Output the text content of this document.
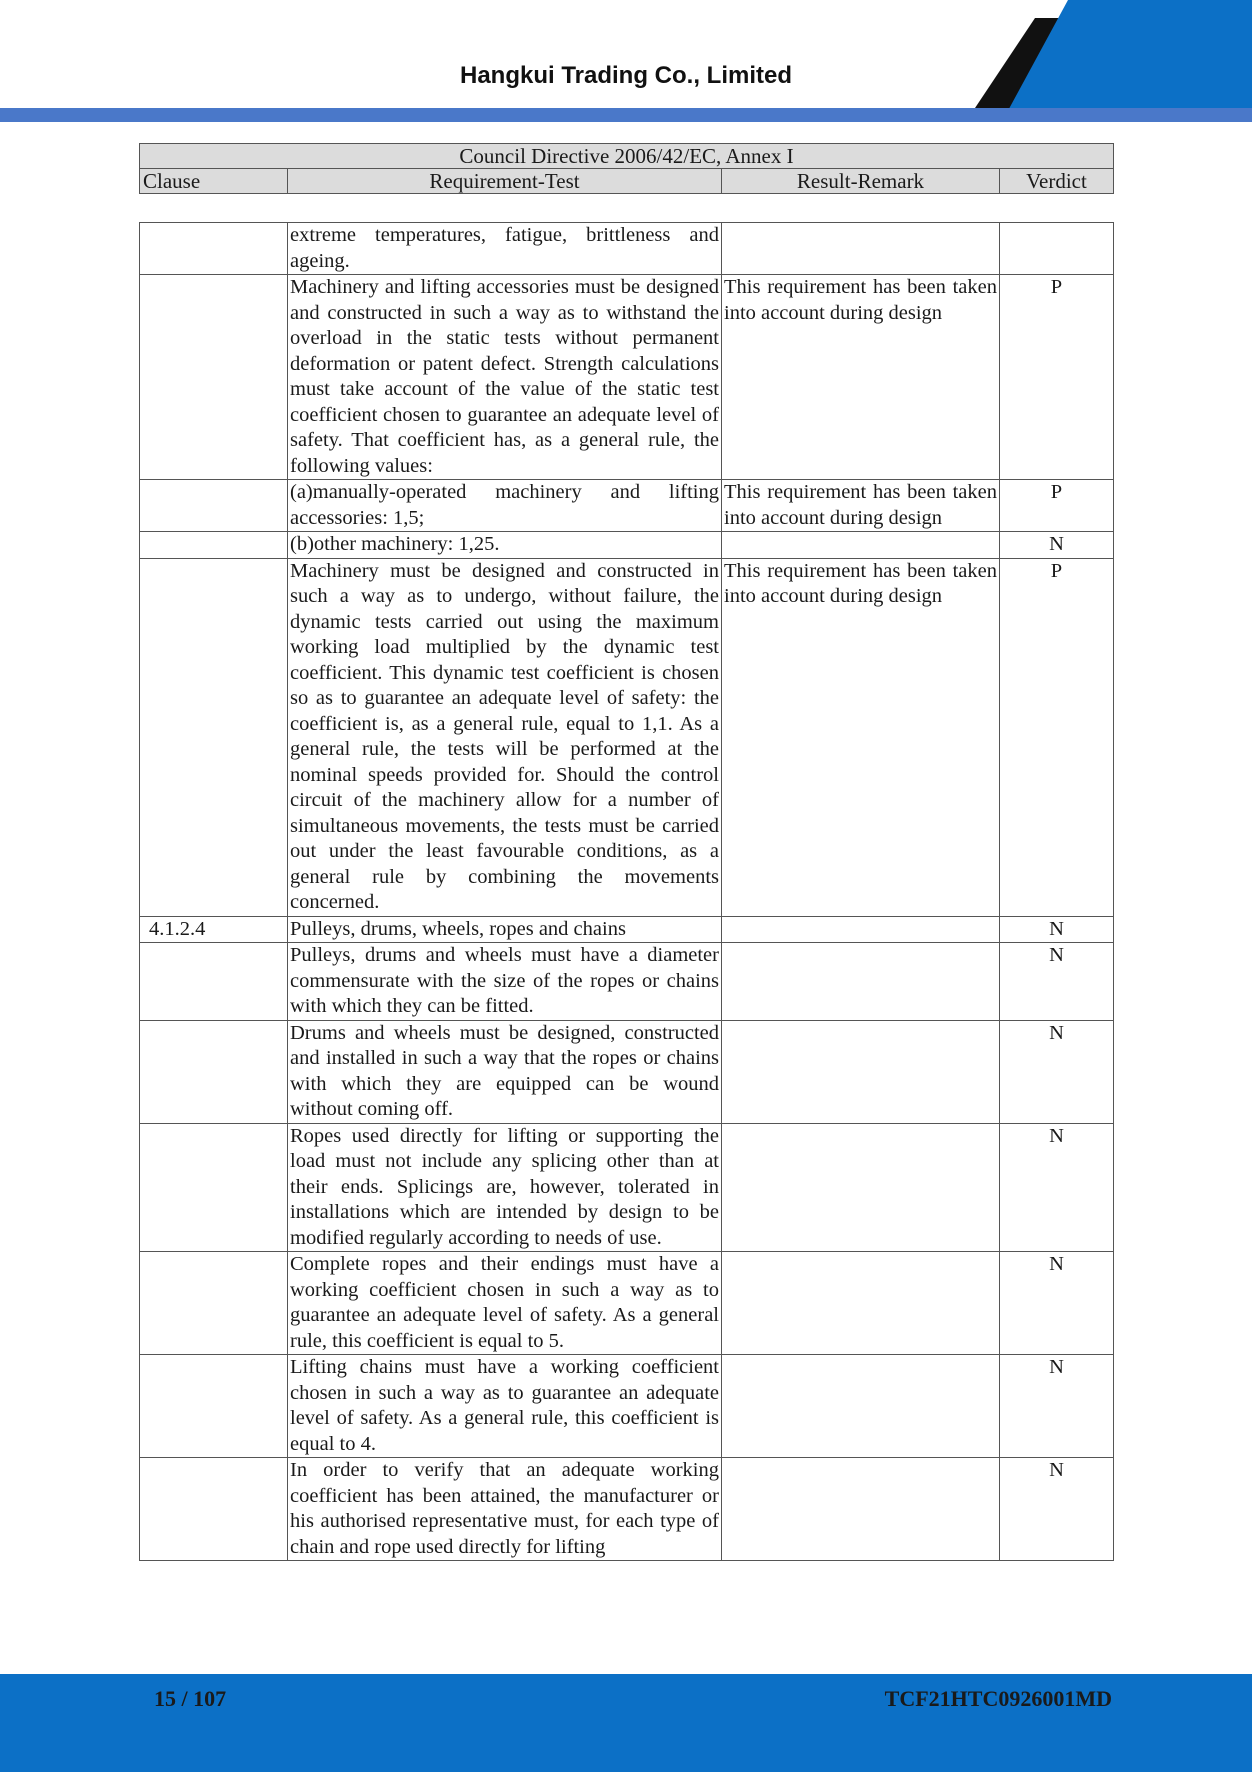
Hangkui Trading Co., Limited
Council Directive 2006/42/EC, Annex I
Clause	Requirement-Test	Result-Remark	Verdict
	extreme temperatures, fatigue, brittleness and ageing.		
	Machinery and lifting accessories must be designed and constructed in such a way as to withstand the overload in the static tests without permanent deformation or patent defect. Strength calculations must take account of the value of the static test coefficient chosen to guarantee an adequate level of safety. That coefficient has, as a general rule, the following values:	This requirement has been taken into account during design	P
	(a)manually-operated machinery and lifting accessories: 1,5;	This requirement has been taken into account during design	P
	(b)other machinery: 1,25.		N
	Machinery must be designed and constructed in such a way as to undergo, without failure, the dynamic tests carried out using the maximum working load multiplied by the dynamic test coefficient. This dynamic test coefficient is chosen so as to guarantee an adequate level of safety: the coefficient is, as a general rule, equal to 1,1. As a general rule, the tests will be performed at the nominal speeds provided for. Should the control circuit of the machinery allow for a number of simultaneous movements, the tests must be carried out under the least favourable conditions, as a general rule by combining the movements concerned.	This requirement has been taken into account during design	P
4.1.2.4	Pulleys, drums, wheels, ropes and chains		N
	Pulleys, drums and wheels must have a diameter commensurate with the size of the ropes or chains with which they can be fitted.		N
	Drums and wheels must be designed, constructed and installed in such a way that the ropes or chains with which they are equipped can be wound without coming off.		N
	Ropes used directly for lifting or supporting the load must not include any splicing other than at their ends. Splicings are, however, tolerated in installations which are intended by design to be modified regularly according to needs of use.		N
	Complete ropes and their endings must have a working coefficient chosen in such a way as to guarantee an adequate level of safety. As a general rule, this coefficient is equal to 5.		N
	Lifting chains must have a working coefficient chosen in such a way as to guarantee an adequate level of safety. As a general rule, this coefficient is equal to 4.		N
	In order to verify that an adequate working coefficient has been attained, the manufacturer or his authorised representative must, for each type of chain and rope used directly for lifting		N
15 / 107	TCF21HTC0926001MD
